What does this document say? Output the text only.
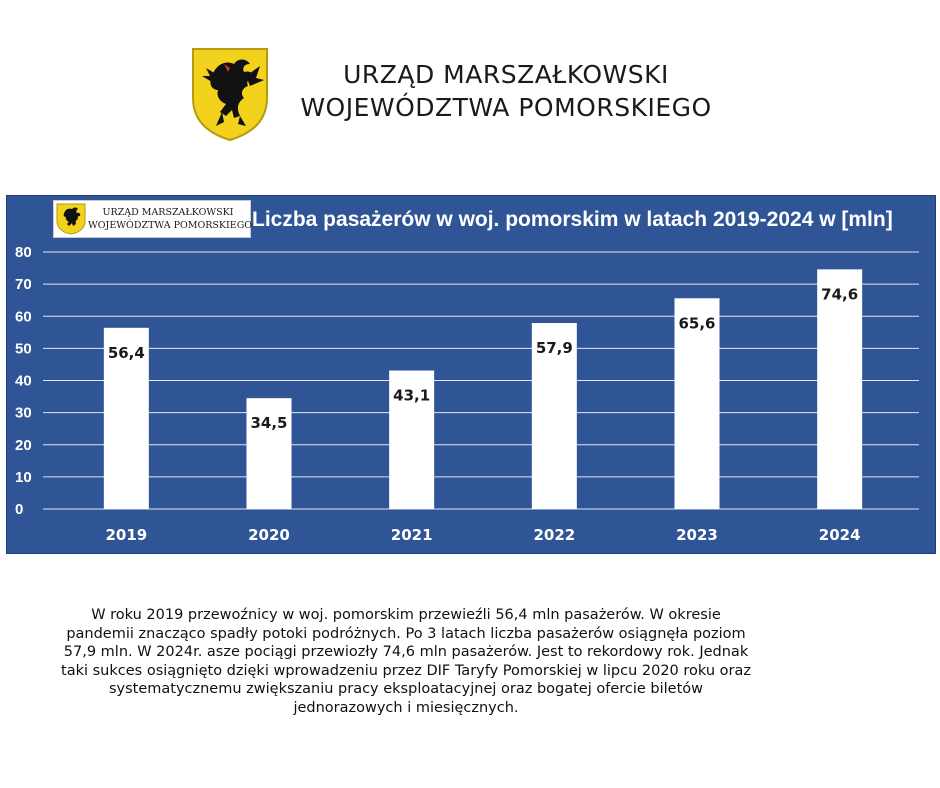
URZĄD MARSZAŁKOWSKI
WOJEWÓDZTWA POMORSKIEGO
0
10
20
30
40
50
60
70
80
56,4
2019
34,5
2020
43,1
2021
57,9
2022
65,6
2023
74,6
2024
URZĄD MARSZAŁKOWSKI
WOJEWÓDZTWA POMORSKIEGO Liczba pasażerów w woj. pomorskim w latach 2019-2024 w [mln]
W roku 2019 przewoźnicy w woj. pomorskim przewieźli 56,4 mln pasażerów. W okresie pandemii znacząco spadły potoki podróżnych. Po 3 latach liczba pasażerów osiągnęła poziom 57,9 mln. W 2024r. asze pociągi przewiozły 74,6 mln pasażerów. Jest to rekordowy rok. Jednak taki sukces osiągnięto dzięki wprowadzeniu przez DIF Taryfy Pomorskiej w lipcu 2020 roku oraz systematycznemu zwiększaniu pracy eksploatacyjnej oraz bogatej ofercie biletów jednorazowych i miesięcznych.
